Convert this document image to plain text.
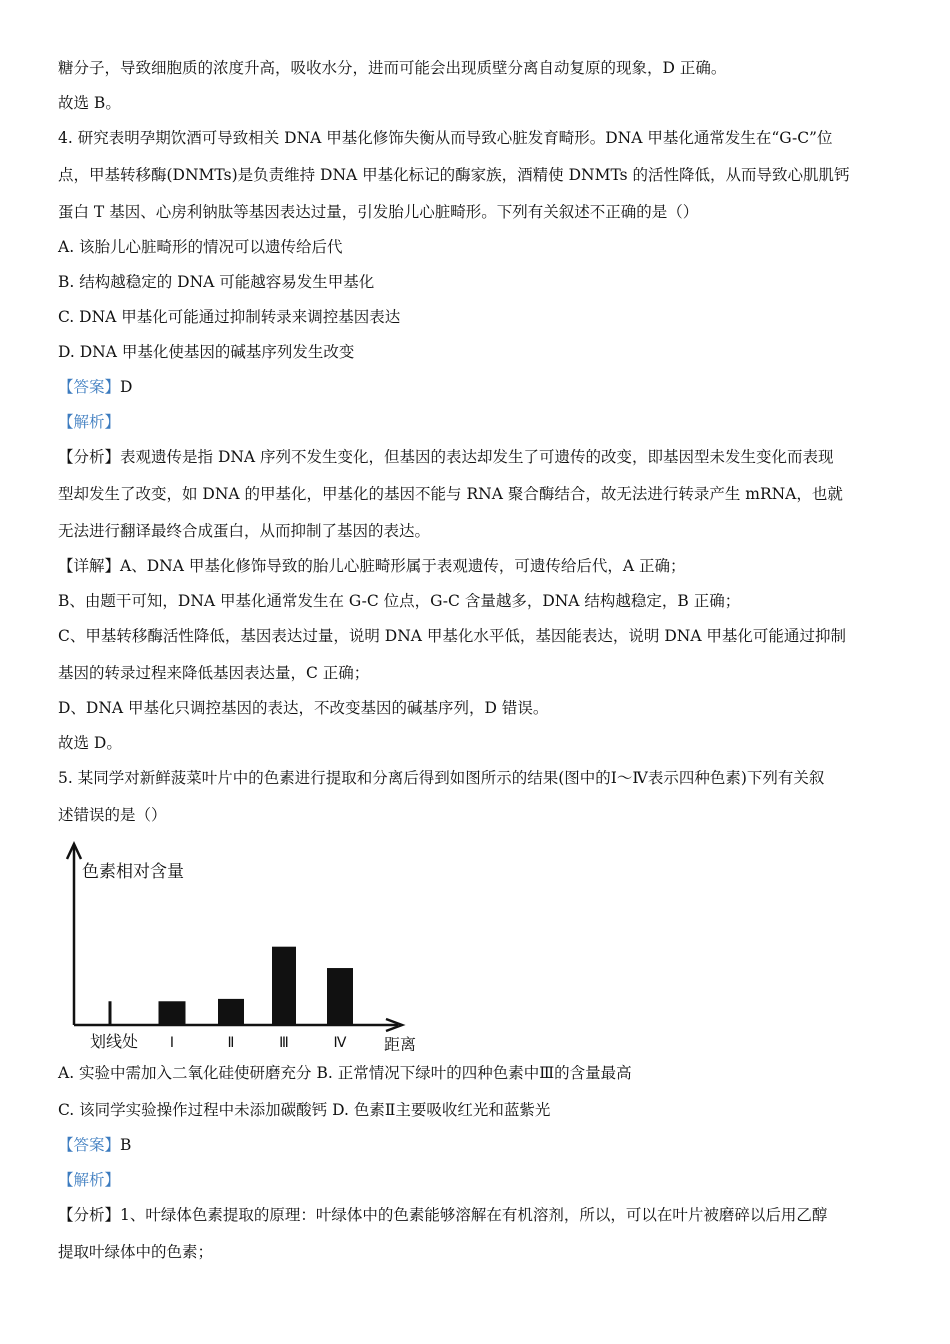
糖分子，导致细胞质的浓度升高，吸收水分，进而可能会出现质壁分离自动复原的现象，D 正确。
故选 B。
4. 研究表明孕期饮酒可导致相关 DNA 甲基化修饰失衡从而导致心脏发育畸形。DNA 甲基化通常发生在“G-C”位
点，甲基转移酶(DNMTs)是负责维持 DNA 甲基化标记的酶家族，酒精使 DNMTs 的活性降低，从而导致心肌肌钙
蛋白 T 基因、心房利钠肽等基因表达过量，引发胎儿心脏畸形。下列有关叙述不正确的是（）
A. 该胎儿心脏畸形的情况可以遗传给后代
B. 结构越稳定的 DNA 可能越容易发生甲基化
C. DNA 甲基化可能通过抑制转录来调控基因表达
D. DNA 甲基化使基因的碱基序列发生改变
【答案】D
【解析】
【分析】表观遗传是指 DNA 序列不发生变化，但基因的表达却发生了可遗传的改变，即基因型未发生变化而表现
型却发生了改变，如 DNA 的甲基化，甲基化的基因不能与 RNA 聚合酶结合，故无法进行转录产生 mRNA，也就
无法进行翻译最终合成蛋白，从而抑制了基因的表达。
【详解】A、DNA 甲基化修饰导致的胎儿心脏畸形属于表观遗传，可遗传给后代，A 正确；
B、由题干可知，DNA 甲基化通常发生在 G-C 位点，G-C 含量越多，DNA 结构越稳定，B 正确；
C、甲基转移酶活性降低，基因表达过量，说明 DNA 甲基化水平低，基因能表达，说明 DNA 甲基化可能通过抑制
基因的转录过程来降低基因表达量，C 正确；
D、DNA 甲基化只调控基因的表达，不改变基因的碱基序列，D 错误。
故选 D。
5. 某同学对新鲜菠菜叶片中的色素进行提取和分离后得到如图所示的结果(图中的Ⅰ～Ⅳ表示四种色素)下列有关叙
述错误的是（）
色素相对含量
距离
划线处 Ⅰ	Ⅱ	Ⅲ	Ⅳ
A. 实验中需加入二氧化硅使研磨充分 B. 正常情况下绿叶的四种色素中Ⅲ的含量最高
C. 该同学实验操作过程中未添加碳酸钙 D. 色素Ⅱ主要吸收红光和蓝紫光
【答案】B
【解析】
【分析】1、叶绿体色素提取的原理：叶绿体中的色素能够溶解在有机溶剂，所以，可以在叶片被磨碎以后用乙醇
提取叶绿体中的色素；
